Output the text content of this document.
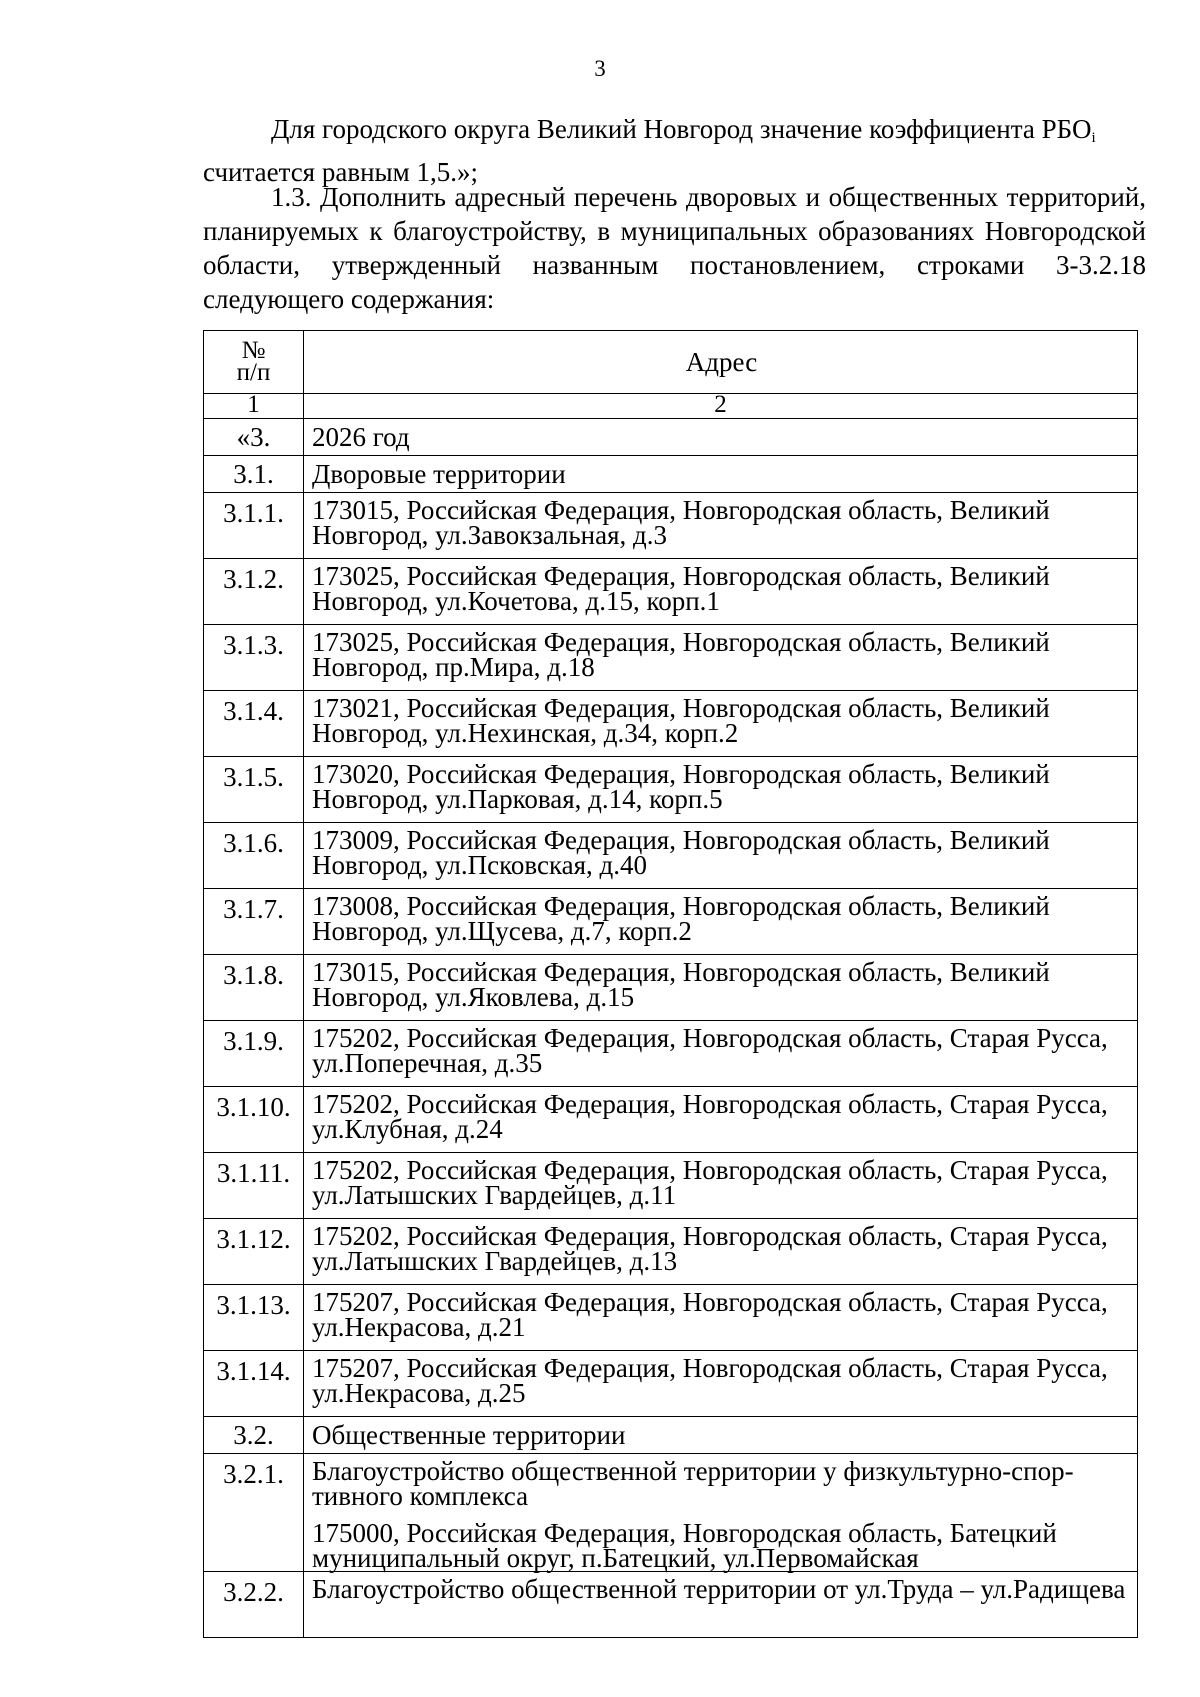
3

Для городского округа Великий Новгород значение коэффициента $РБО_i$
считается равным 1,5.»;

1.3. Дополнить адресный перечень дворовых и общественных территорий, планируемых к благоустройству, в муниципальных образованиях Новгородской области, утвержденный названным постановлением, строками 3-3.2.18 следующего содержания:

№
п/п	Адрес
1	2
«3.	2026 год
3.1.	Дворовые территории
3.1.1.	173015, Российская Федерация, Новгородская область, Великий Новгород, ул.Завокзальная, д.3
3.1.2.	173025, Российская Федерация, Новгородская область, Великий Новгород, ул.Кочетова, д.15, корп.1
3.1.3.	173025, Российская Федерация, Новгородская область, Великий Новгород, пр.Мира, д.18
3.1.4.	173021, Российская Федерация, Новгородская область, Великий Новгород, ул.Нехинская, д.34, корп.2
3.1.5.	173020, Российская Федерация, Новгородская область, Великий Новгород, ул.Парковая, д.14, корп.5
3.1.6.	173009, Российская Федерация, Новгородская область, Великий Новгород, ул.Псковская, д.40
3.1.7.	173008, Российская Федерация, Новгородская область, Великий Новгород, ул.Щусева, д.7, корп.2
3.1.8.	173015, Российская Федерация, Новгородская область, Великий Новгород, ул.Яковлева, д.15
3.1.9.	175202, Российская Федерация, Новгородская область, Старая Русса, ул.Поперечная, д.35
3.1.10.	175202, Российская Федерация, Новгородская область, Старая Русса, ул.Клубная, д.24
3.1.11.	175202, Российская Федерация, Новгородская область, Старая Русса, ул.Латышских Гвардейцев, д.11
3.1.12.	175202, Российская Федерация, Новгородская область, Старая Русса, ул.Латышских Гвардейцев, д.13
3.1.13.	175207, Российская Федерация, Новгородская область, Старая Русса, ул.Некрасова, д.21
3.1.14.	175207, Российская Федерация, Новгородская область, Старая Русса, ул.Некрасова, д.25
3.2.	Общественные территории
3.2.1.	Благоустройство общественной территории у физкультурно-спор-тивного комплекса
175000, Российская Федерация, Новгородская область, Батецкий муниципальный округ, п.Батецкий, ул.Первомайская

3.2.2.	Благоустройство общественной территории от ул.Труда – ул.Радищева
